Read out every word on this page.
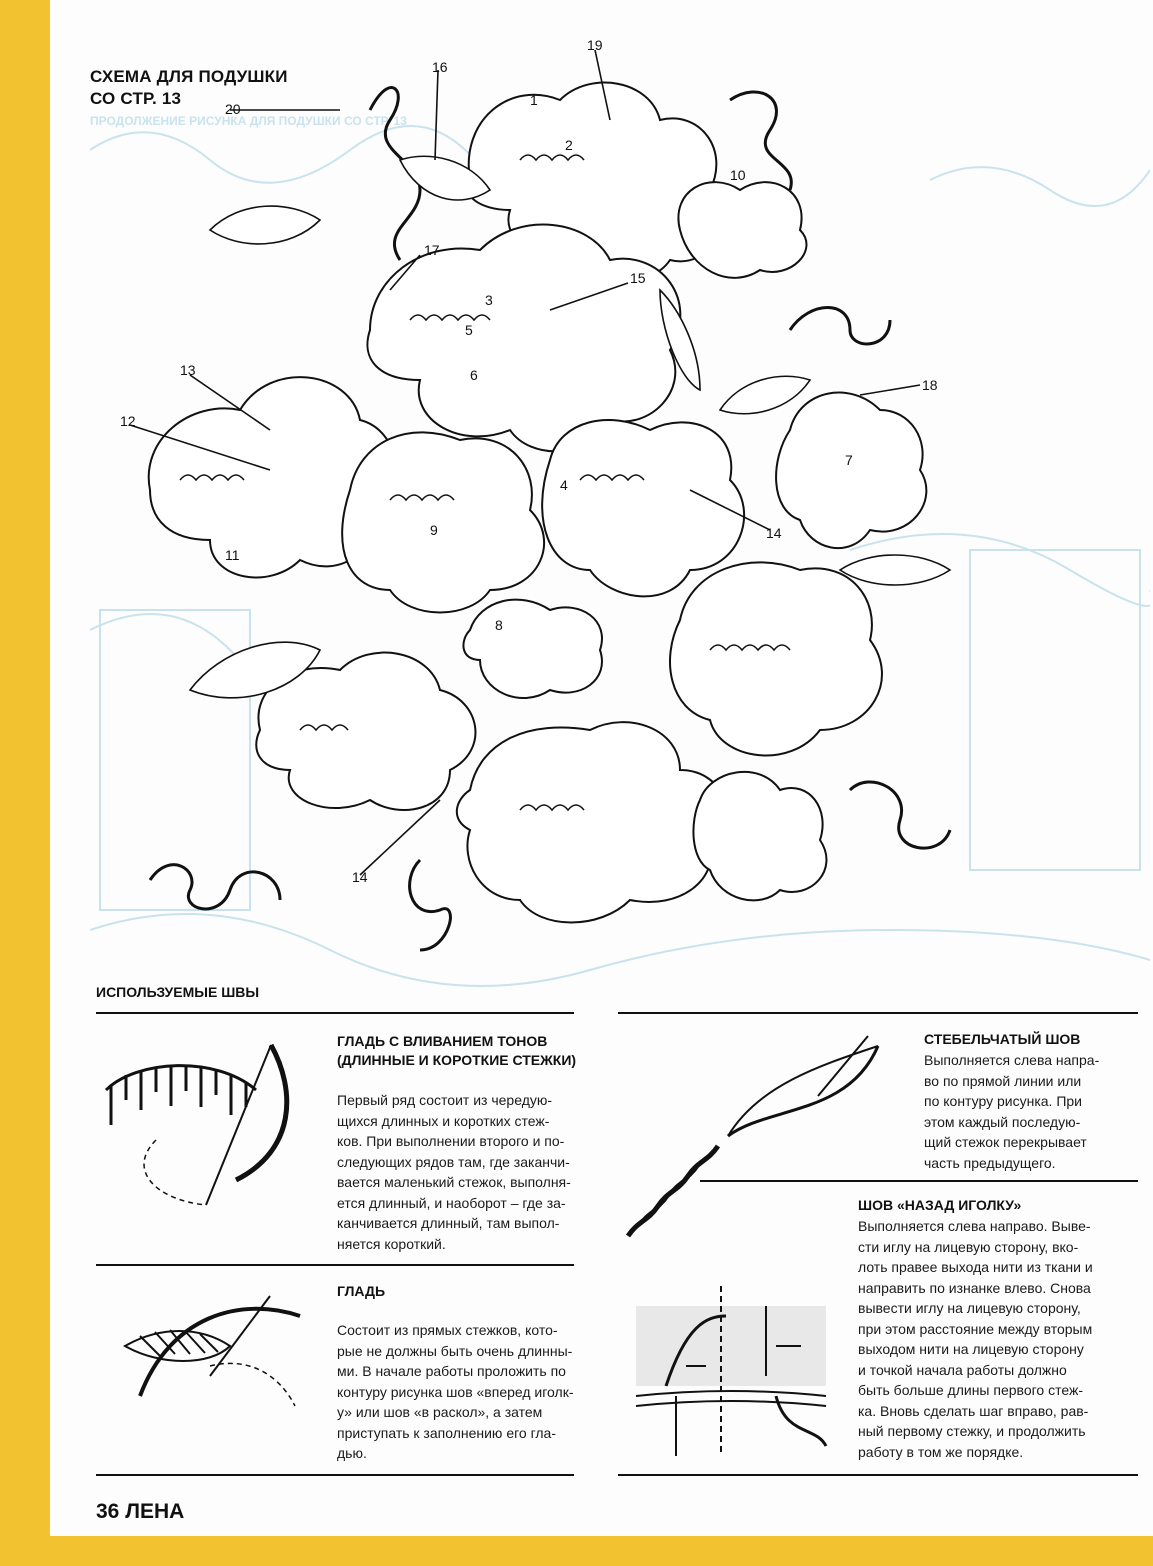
СХЕМА ДЛЯ ПОДУШКИ
СО СТР. 13
ПРОДОЛЖЕНИЕ РИСУНКА ДЛЯ ПОДУШКИ СО СТР. 13
20
16
19
17
15
18
13
12
14
14
1
2
3
4
5
6
7
8
9
10
11
ИСПОЛЬЗУЕМЫЕ ШВЫ
ГЛАДЬ С ВЛИВАНИЕМ ТОНОВ
(ДЛИННЫЕ И КОРОТКИЕ СТЕЖКИ)
Первый ряд состоит из чередую-
щихся длинных и коротких стеж-
ков. При выполнении второго и по-
следующих рядов там, где заканчи-
вается маленький стежок, выполня-
ется длинный, и наоборот – где за-
канчивается длинный, там выпол-
няется короткий.
ГЛАДЬ
Состоит из прямых стежков, кото-
рые не должны быть очень длинны-
ми. В начале работы проложить по
контуру рисунка шов «вперед иголк-
у» или шов «в раскол», а затем
приступать к заполнению его гла-
дью.
СТЕБЕЛЬЧАТЫЙ ШОВ
Выполняется слева напра-
во по прямой линии или
по контуру рисунка. При
этом каждый последую-
щий стежок перекрывает
часть предыдущего.
ШОВ «НАЗАД ИГОЛКУ»
Выполняется слева направо. Выве-
сти иглу на лицевую сторону, вко-
лоть правее выхода нити из ткани и
направить по изнанке влево. Снова
вывести иглу на лицевую сторону,
при этом расстояние между вторым
выходом нити на лицевую сторону
и точкой начала работы должно
быть больше длины первого стеж-
ка. Вновь сделать шаг вправо, рав-
ный первому стежку, и продолжить
работу в том же порядке.
36 ЛЕНА
